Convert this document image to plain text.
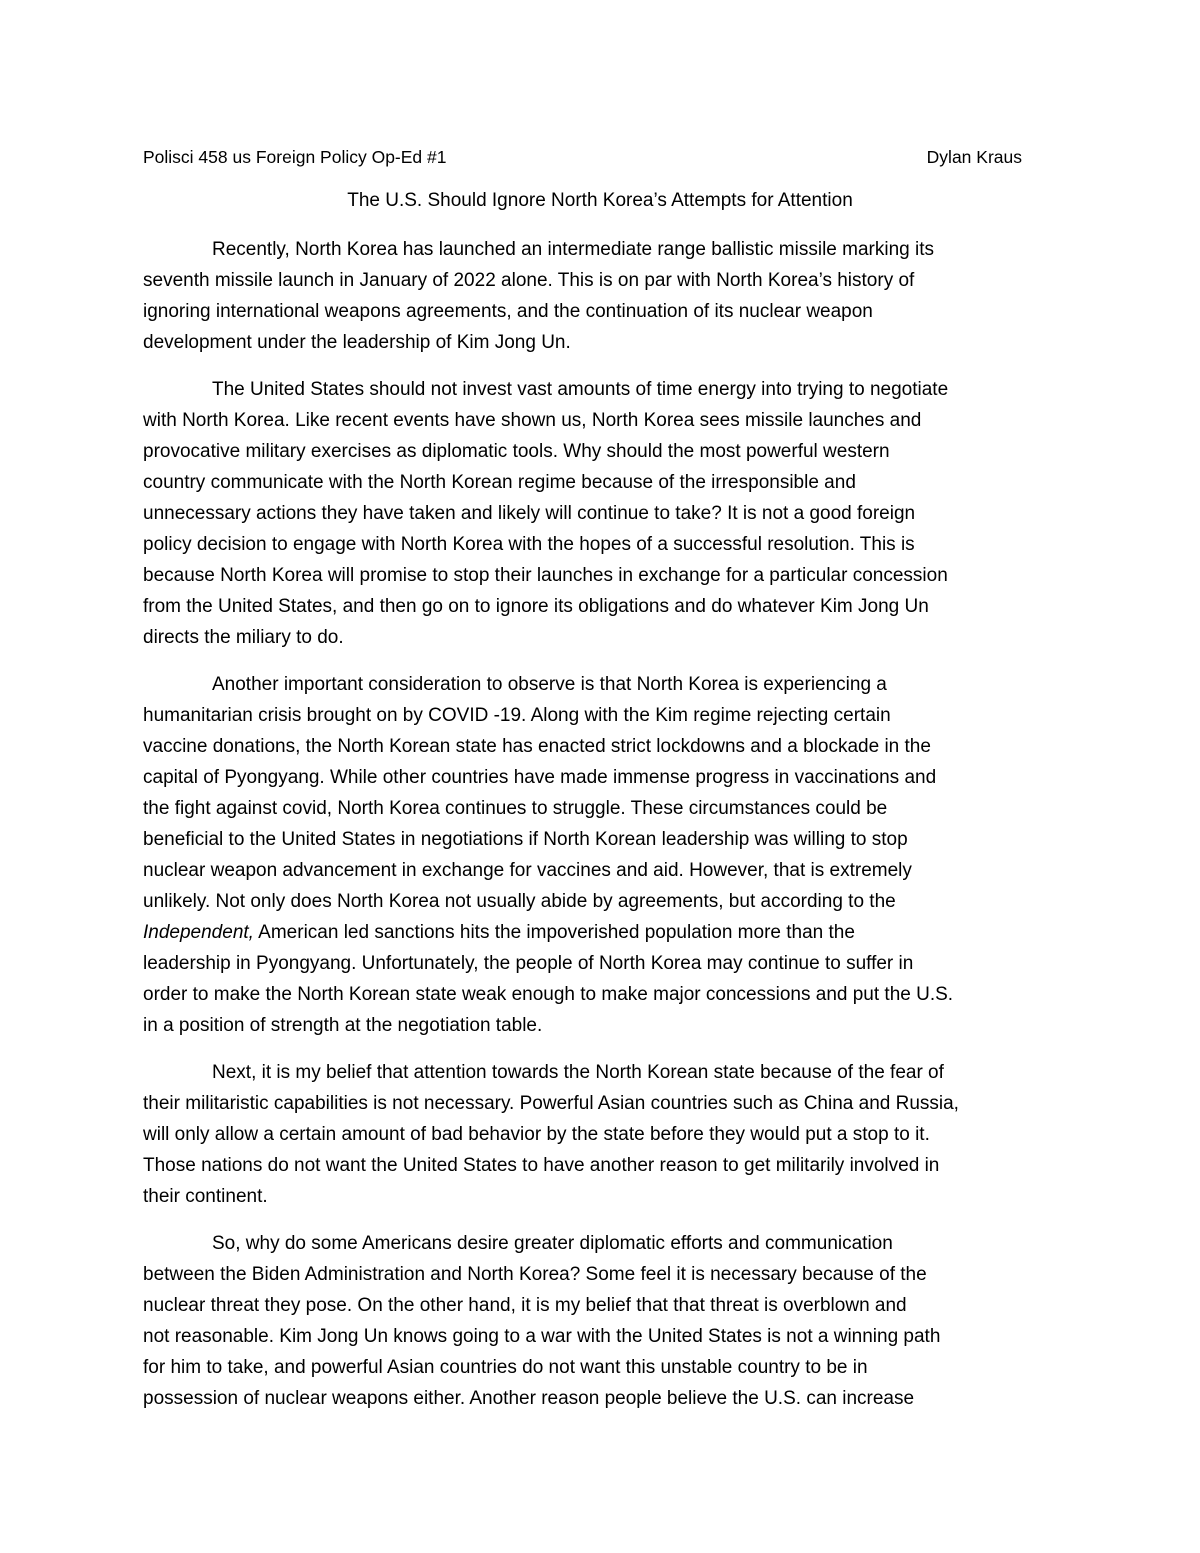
Polisci 458 us Foreign Policy Op-Ed #1	Dylan Kraus
The U.S. Should Ignore North Korea’s Attempts for Attention

Recently, North Korea has launched an intermediate range ballistic missile marking its
seventh missile launch in January of 2022 alone. This is on par with North Korea’s history of
ignoring international weapons agreements, and the continuation of its nuclear weapon
development under the leadership of Kim Jong Un.

The United States should not invest vast amounts of time energy into trying to negotiate
with North Korea. Like recent events have shown us, North Korea sees missile launches and
provocative military exercises as diplomatic tools. Why should the most powerful western
country communicate with the North Korean regime because of the irresponsible and
unnecessary actions they have taken and likely will continue to take? It is not a good foreign
policy decision to engage with North Korea with the hopes of a successful resolution. This is
because North Korea will promise to stop their launches in exchange for a particular concession
from the United States, and then go on to ignore its obligations and do whatever Kim Jong Un
directs the miliary to do.

Another important consideration to observe is that North Korea is experiencing a
humanitarian crisis brought on by COVID -19. Along with the Kim regime rejecting certain
vaccine donations, the North Korean state has enacted strict lockdowns and a blockade in the
capital of Pyongyang. While other countries have made immense progress in vaccinations and
the fight against covid, North Korea continues to struggle. These circumstances could be
beneficial to the United States in negotiations if North Korean leadership was willing to stop
nuclear weapon advancement in exchange for vaccines and aid. However, that is extremely
unlikely. Not only does North Korea not usually abide by agreements, but according to the
Independent, American led sanctions hits the impoverished population more than the
leadership in Pyongyang. Unfortunately, the people of North Korea may continue to suffer in
order to make the North Korean state weak enough to make major concessions and put the U.S.
in a position of strength at the negotiation table.

Next, it is my belief that attention towards the North Korean state because of the fear of
their militaristic capabilities is not necessary. Powerful Asian countries such as China and Russia,
will only allow a certain amount of bad behavior by the state before they would put a stop to it.
Those nations do not want the United States to have another reason to get militarily involved in
their continent.

So, why do some Americans desire greater diplomatic efforts and communication
between the Biden Administration and North Korea? Some feel it is necessary because of the
nuclear threat they pose. On the other hand, it is my belief that that threat is overblown and
not reasonable. Kim Jong Un knows going to a war with the United States is not a winning path
for him to take, and powerful Asian countries do not want this unstable country to be in
possession of nuclear weapons either. Another reason people believe the U.S. can increase
